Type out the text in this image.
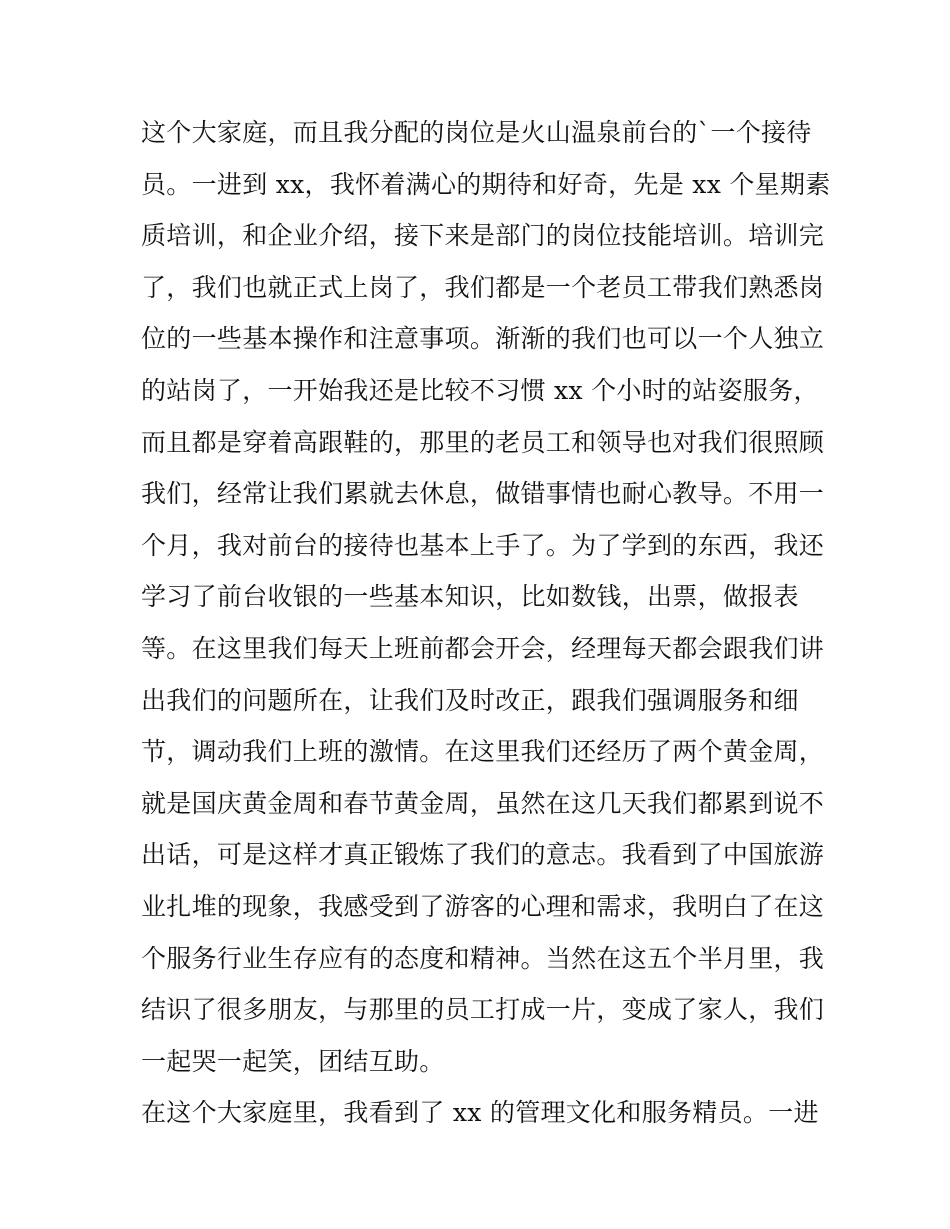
这个大家庭，而且我分配的岗位是火山温泉前台的`一个接待
员。一进到 xx，我怀着满心的期待和好奇，先是 xx 个星期素
质培训，和企业介绍，接下来是部门的岗位技能培训。培训完
了，我们也就正式上岗了，我们都是一个老员工带我们熟悉岗
位的一些基本操作和注意事项。渐渐的我们也可以一个人独立
的站岗了，一开始我还是比较不习惯 xx 个小时的站姿服务，
而且都是穿着高跟鞋的，那里的老员工和领导也对我们很照顾
我们，经常让我们累就去休息，做错事情也耐心教导。不用一
个月，我对前台的接待也基本上手了。为了学到的东西，我还
学习了前台收银的一些基本知识，比如数钱，出票，做报表
等。在这里我们每天上班前都会开会，经理每天都会跟我们讲
出我们的问题所在，让我们及时改正，跟我们强调服务和细
节，调动我们上班的激情。在这里我们还经历了两个黄金周，
就是国庆黄金周和春节黄金周，虽然在这几天我们都累到说不
出话，可是这样才真正锻炼了我们的意志。我看到了中国旅游
业扎堆的现象，我感受到了游客的心理和需求，我明白了在这
个服务行业生存应有的态度和精神。当然在这五个半月里，我
结识了很多朋友，与那里的员工打成一片，变成了家人，我们
一起哭一起笑，团结互助。
在这个大家庭里，我看到了 xx 的管理文化和服务精员。一进
